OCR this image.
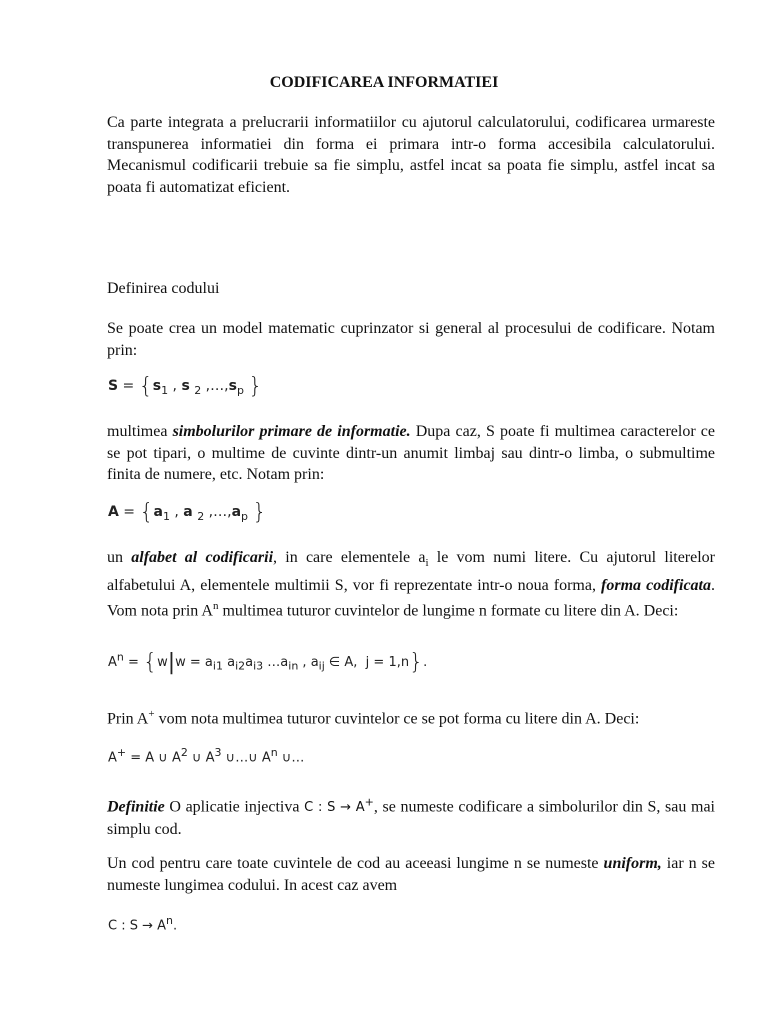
CODIFICAREA INFORMATIEI

Ca parte integrata a prelucrarii informatiilor cu ajutorul calculatorului, codificarea urmareste transpunerea informatiei din forma ei primara intr-o forma accesibila calculatorului. Mecanismul codificarii trebuie sa fie simplu, astfel incat sa poata fie simplu, astfel incat sa poata fi automatizat eficient.

Definirea codului

Se poate crea un model matematic cuprinzator si general al procesului de codificare. Notam prin:

$S = \{s_1$ , s $_2$ $,\dots,s_p$ }

multimea simbolurilor primare de informatie. Dupa caz, S poate fi multimea caracterelor ce se pot tipari, o multime de cuvinte dintr-un anumit limbaj sau dintr-o limba, o submultime finita de numere, etc. Notam prin:

$A = \{a_1$ , a $_2$ $,\dots,a_p$ }

un alfabet al codificarii, in care elementele $a_i$ le vom numi litere. Cu ajutorul literelor alfabetului A, elementele multimii S, vor fi reprezentate intr-o noua forma, forma codificata. Vom nota prin $A^n$ multimea tuturor cuvintelor de lungime n formate cu litere din A. Deci:

$A^n = \{w|w = a_{i1}$ $a_{i2}a_{i3}$ $\dots a_{in}$ , $a_{ij}$ ∈ A,  j = 1,n}.

Prin A+ vom nota multimea tuturor cuvintelor ce se pot forma cu litere din A. Deci:

A+ = A ∪ $A^2$ ∪ $A^3$ ∪…∪ $A^n$ ∪…

Definitie O aplicatie injectiva C : S → A+, se numeste codificare a simbolurilor din S, sau mai simplu cod.

Un cod pentru care toate cuvintele de cod au aceeasi lungime n se numeste uniform, iar n se numeste lungimea codului. In acest caz avem

C : $S \to A^n$.
